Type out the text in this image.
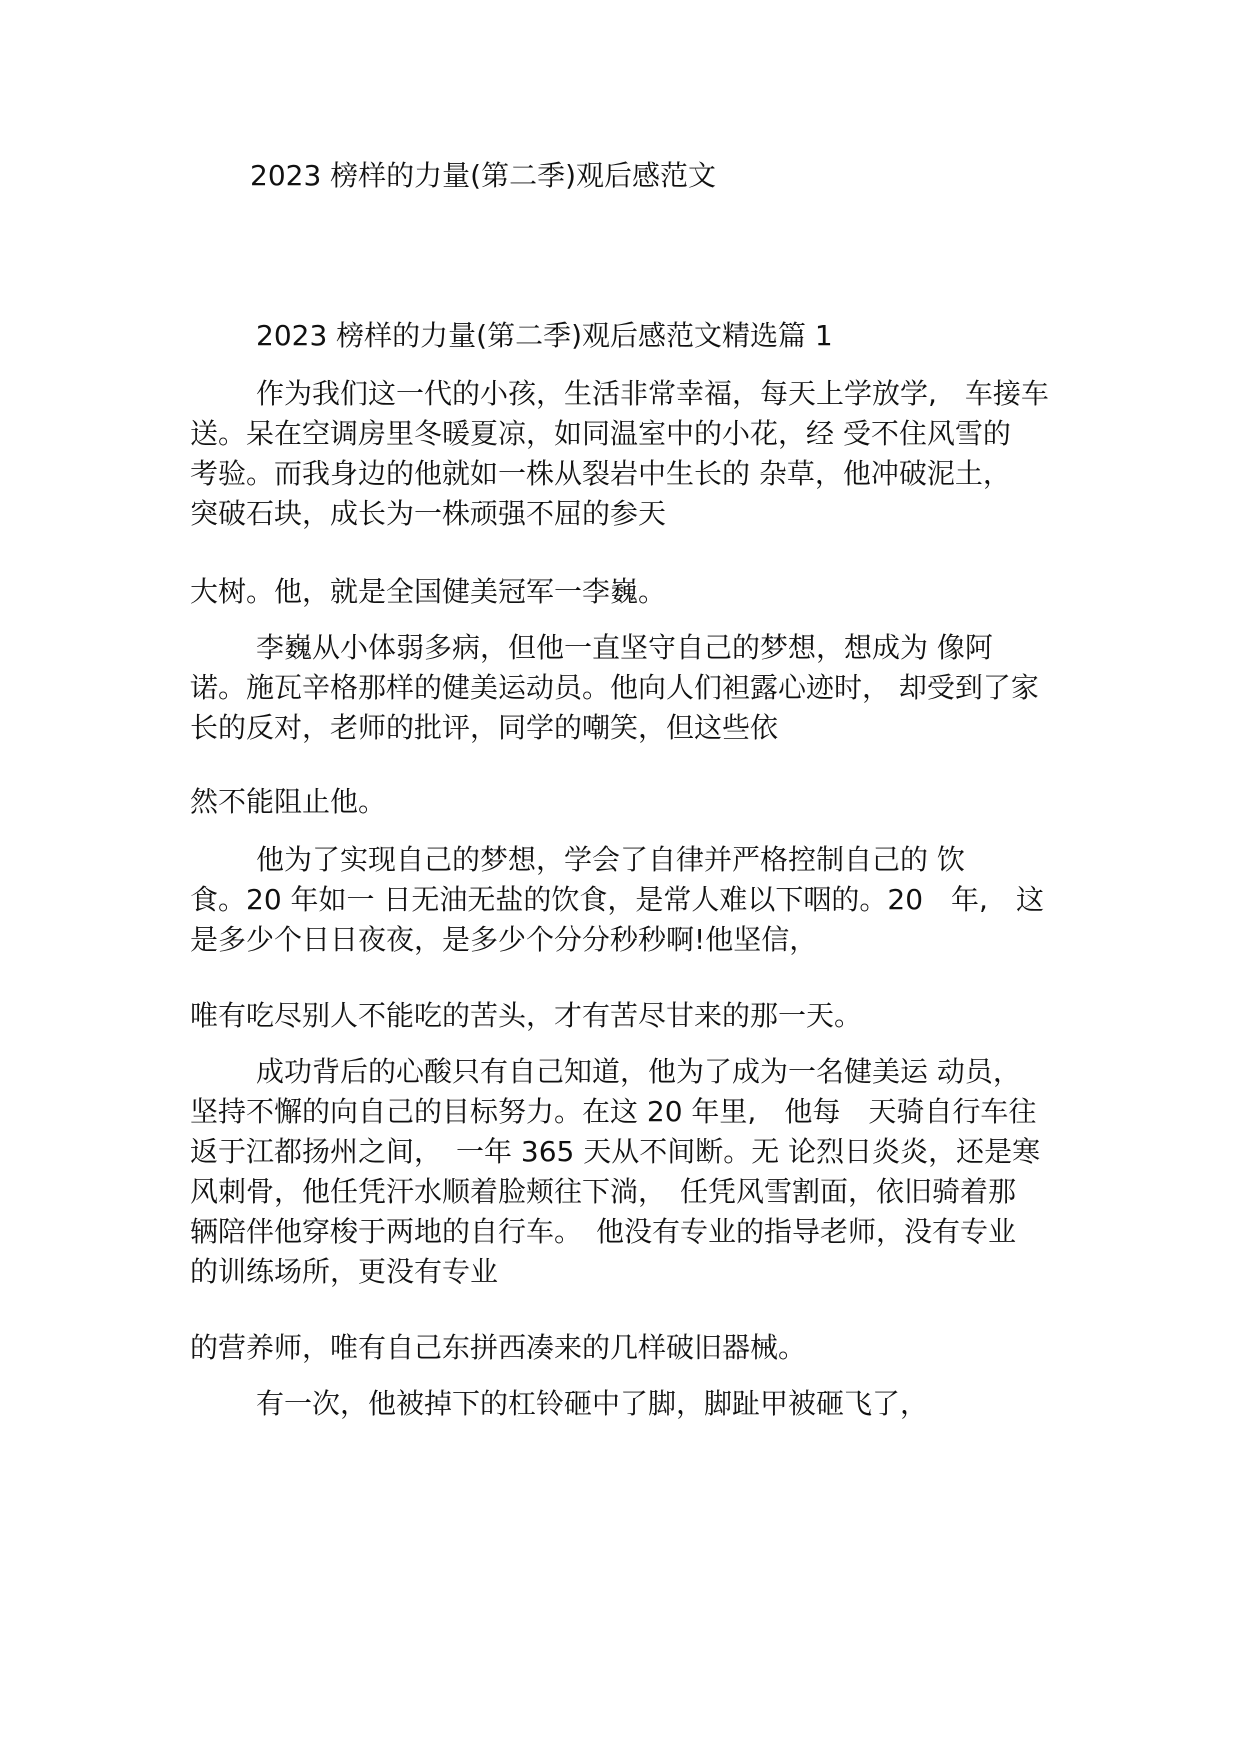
2023 榜样的力量(第二季)观后感范文
2023 榜样的力量(第二季)观后感范文精选篇 1

作为我们这一代的小孩，生活非常幸福，每天上学放学,　车接车

送。呆在空调房里冬暖夏凉，如同温室中的小花，经 受不住风雪的

考验。而我身边的他就如一株从裂岩中生长的 杂草，他冲破泥土，

突破石块，成长为一株顽强不屈的参天

大树。他，就是全国健美冠军一李巍。

李巍从小体弱多病，但他一直坚守自己的梦想，想成为 像阿

诺。施瓦辛格那样的健美运动员。他向人们袒露心迹时， 却受到了家

长的反对，老师的批评，同学的嘲笑，但这些依

然不能阻止他。

他为了实现自己的梦想，学会了自律并严格控制自己的 饮

食。20 年如一 日无油无盐的饮食，是常人难以下咽的。20　年,　这

是多少个日日夜夜，是多少个分分秒秒啊!他坚信，

唯有吃尽别人不能吃的苦头，才有苦尽甘来的那一天。

成功背后的心酸只有自己知道，他为了成为一名健美运 动员，

坚持不懈的向自己的目标努力。在这 20 年里,　他每　天骑自行车往

返于江都扬州之间，　一年 365 天从不间断。无 论烈日炎炎，还是寒

风刺骨，他任凭汗水顺着脸颊往下淌，　任凭风雪割面，依旧骑着那

辆陪伴他穿梭于两地的自行车。　他没有专业的指导老师，没有专业

的训练场所，更没有专业

的营养师，唯有自己东拼西凑来的几样破旧器械。

有一次，他被掉下的杠铃砸中了脚，脚趾甲被砸飞了，
